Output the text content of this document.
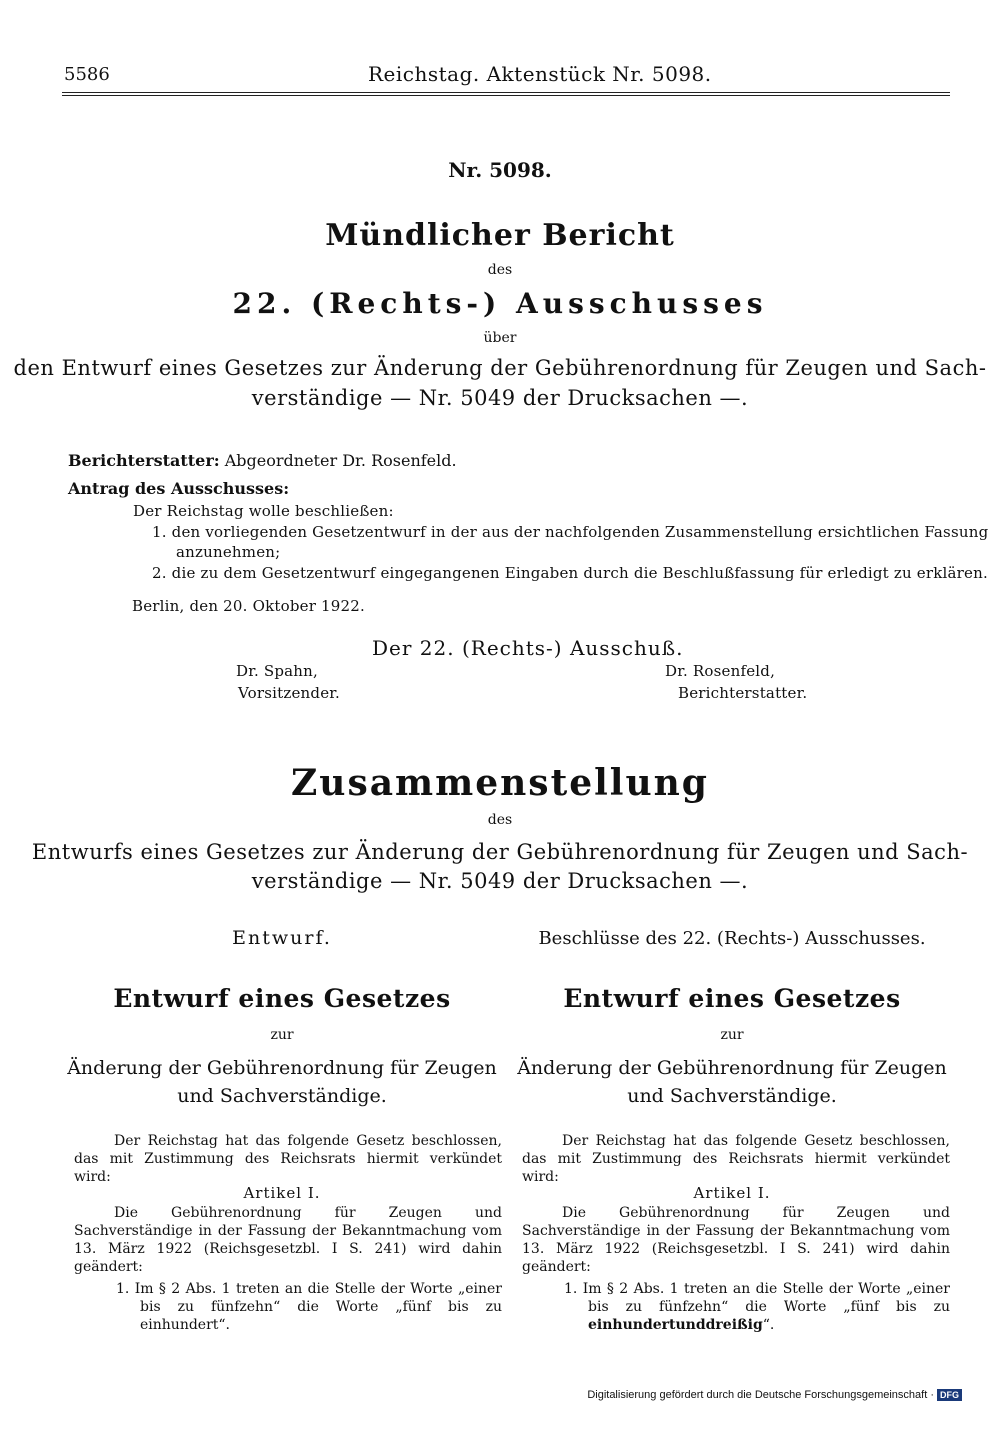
5586	Reichstag. Aktenstück Nr. 5098.
Nr. 5098.
Mündlicher Bericht
des
22. (Rechts-) Ausschusses
über
den Entwurf eines Gesetzes zur Änderung der Gebührenordnung für Zeugen und Sach-
verständige — Nr. 5049 der Drucksachen —.
Berichterstatter: Abgeordneter Dr. Rosenfeld.
Antrag des Ausschusses:
Der Reichstag wolle beschließen:
1. den vorliegenden Gesetzentwurf in der aus der nachfolgenden Zusammenstellung ersichtlichen Fassung
anzunehmen;
2. die zu dem Gesetzentwurf eingegangenen Eingaben durch die Beschlußfassung für erledigt zu erklären.
Berlin, den 20. Oktober 1922.
Der 22. (Rechts-) Ausschuß.
Dr. Spahn,
Vorsitzender.
Dr. Rosenfeld,
Berichterstatter.
Zusammenstellung
des
Entwurfs eines Gesetzes zur Änderung der Gebührenordnung für Zeugen und Sach-
verständige — Nr. 5049 der Drucksachen —.
Entwurf.
Entwurf eines Gesetzes
zur
Änderung der Gebührenordnung für Zeugen
und Sachverständige.
Der Reichstag hat das folgende Gesetz beschlossen, das mit Zustimmung des Reichsrats hiermit verkündet wird:
Artikel I.
Die Gebührenordnung für Zeugen und Sachverständige in der Fassung der Bekanntmachung vom 13. März 1922 (Reichsgesetzbl. I S. 241) wird dahin geändert:
1. Im § 2 Abs. 1 treten an die Stelle der Worte „einer bis zu fünfzehn“ die Worte „fünf bis zu einhundert“.
Beschlüsse des 22. (Rechts-) Ausschusses.
Entwurf eines Gesetzes
zur
Änderung der Gebührenordnung für Zeugen
und Sachverständige.
Der Reichstag hat das folgende Gesetz beschlossen, das mit Zustimmung des Reichsrats hiermit verkündet wird:
Artikel I.
Die Gebührenordnung für Zeugen und Sachverständige in der Fassung der Bekanntmachung vom 13. März 1922 (Reichsgesetzbl. I S. 241) wird dahin geändert:
1. Im § 2 Abs. 1 treten an die Stelle der Worte „einer bis zu fünfzehn“ die Worte „fünf bis zu einhundertunddreißig“.
Digitalisierung gefördert durch die Deutsche Forschungsgemeinschaft · DFG
